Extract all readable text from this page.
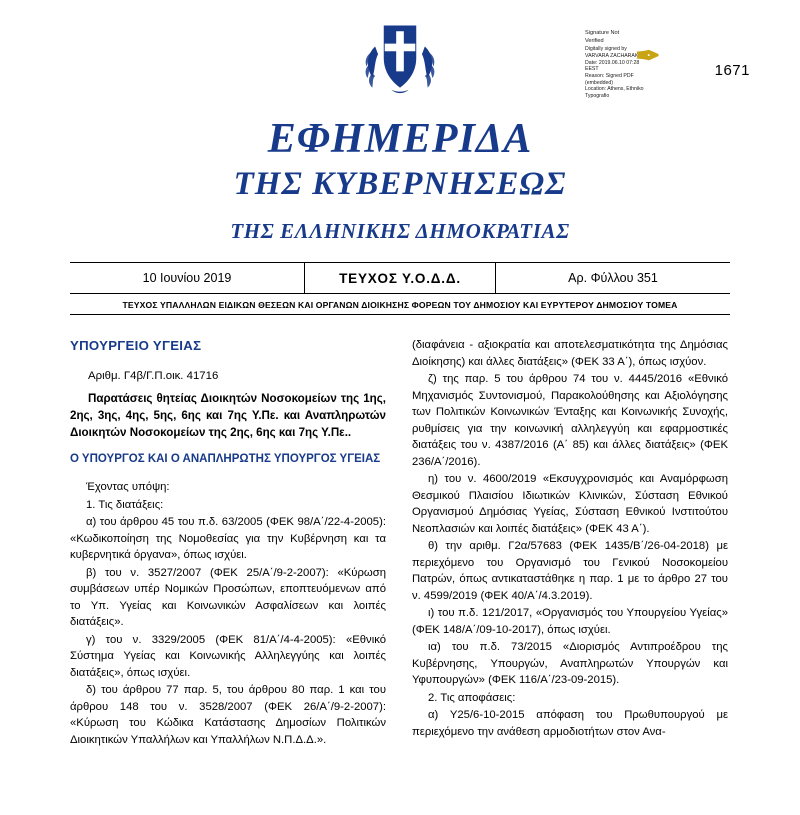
1671
Signature Not
Verified
Digitally signed by
VARVARA ZACHARAKI
Date: 2019.06.10 07:28
EEST
Reason: Signed PDF
(embedded)
Location: Athens, Ethniko
Typografio
✒
ΕΦΗΜΕΡΙΔΑ
ΤΗΣ ΚΥΒΕΡΝΗΣΕΩΣ
ΤΗΣ ΕΛΛΗΝΙΚΗΣ ΔΗΜΟΚΡΑΤΙΑΣ
10 Ιουνίου 2019	ΤΕΥΧΟΣ Υ.Ο.Δ.Δ.	Αρ. Φύλλου 351
ΤΕΥΧΟΣ ΥΠΑΛΛΗΛΩΝ ΕΙΔΙΚΩΝ ΘΕΣΕΩΝ ΚΑΙ ΟΡΓΑΝΩΝ ΔΙΟΙΚΗΣΗΣ ΦΟΡΕΩΝ ΤΟΥ ΔΗΜΟΣΙΟΥ ΚΑΙ ΕΥΡΥΤΕΡΟΥ ΔΗΜΟΣΙΟΥ ΤΟΜΕΑ
ΥΠΟΥΡΓΕΙΟ ΥΓΕΙΑΣ
Αριθμ. Γ4β/Γ.Π.οικ. 41716
Παρατάσεις θητείας Διοικητών Νοσοκομείων της 1ης, 2ης, 3ης, 4ης, 5ης, 6ης και 7ης Υ.Πε. και Αναπληρωτών Διοικητών Νοσοκομείων της 2ης, 6ης και 7ης Υ.Πε..
Ο ΥΠΟΥΡΓΟΣ ΚΑΙ Ο ΑΝΑΠΛΗΡΩΤΗΣ ΥΠΟΥΡΓΟΣ ΥΓΕΙΑΣ

Έχοντας υπόψη:

1. Τις διατάξεις:

α) του άρθρου 45 του π.δ. 63/2005 (ΦΕΚ 98/Α΄/22-4-2005): «Κωδικοποίηση της Νομοθεσίας για την Κυβέρνηση και τα κυβερνητικά όργανα», όπως ισχύει.

β) του ν. 3527/2007 (ΦΕΚ 25/Α΄/9-2-2007): «Κύρωση συμβάσεων υπέρ Νομικών Προσώπων, εποπτευόμενων από το Υπ. Υγείας και Κοινωνικών Ασφαλίσεων και λοιπές διατάξεις».

γ) του ν. 3329/2005 (ΦΕΚ 81/Α΄/4-4-2005): «Εθνικό Σύστημα Υγείας και Κοινωνικής Αλληλεγγύης και λοιπές διατάξεις», όπως ισχύει.

δ) του άρθρου 77 παρ. 5, του άρθρου 80 παρ. 1 και του άρθρου 148 του ν. 3528/2007 (ΦΕΚ 26/Α΄/9-2-2007): «Κύρωση του Κώδικα Κατάστασης Δημοσίων Πολιτικών Διοικητικών Υπαλλήλων και Υπαλλήλων Ν.Π.Δ.Δ.».

(διαφάνεια - αξιοκρατία και αποτελεσματικότητα της Δημόσιας Διοίκησης) και άλλες διατάξεις» (ΦΕΚ 33 Α΄), όπως ισχύον.

ζ) της παρ. 5 του άρθρου 74 του ν. 4445/2016 «Εθνικό Μηχανισμός Συντονισμού, Παρακολούθησης και Αξιολόγησης των Πολιτικών Κοινωνικών Ένταξης και Κοινωνικής Συνοχής, ρυθμίσεις για την κοινωνική αλληλεγγύη και εφαρμοστικές διατάξεις του ν. 4387/2016 (Α΄ 85) και άλλες διατάξεις» (ΦΕΚ 236/Α΄/2016).

η) του ν. 4600/2019 «Εκσυγχρονισμός και Αναμόρφωση Θεσμικού Πλαισίου Ιδιωτικών Κλινικών, Σύσταση Εθνικού Οργανισμού Δημόσιας Υγείας, Σύσταση Εθνικού Ινστιτούτου Νεοπλασιών και λοιπές διατάξεις» (ΦΕΚ 43 Α΄).

θ) την αριθμ. Γ2α/57683 (ΦΕΚ 1435/Β΄/26-04-2018) με περιεχόμενο του Οργανισμό του Γενικού Νοσοκομείου Πατρών, όπως αντικαταστάθηκε η παρ. 1 με το άρθρο 27 του ν. 4599/2019 (ΦΕΚ 40/Α΄/4.3.2019).

ι) του π.δ. 121/2017, «Οργανισμός του Υπουργείου Υγείας» (ΦΕΚ 148/Α΄/09-10-2017), όπως ισχύει.

ια) του π.δ. 73/2015 «Διορισμός Αντιπροέδρου της Κυβέρνησης, Υπουργών, Αναπληρωτών Υπουργών και Υφυπουργών» (ΦΕΚ 116/Α΄/23-09-2015).

2. Τις αποφάσεις:

α) Υ25/6-10-2015 απόφαση του Πρωθυπουργού με περιεχόμενο την ανάθεση αρμοδιοτήτων στον Ανα-
